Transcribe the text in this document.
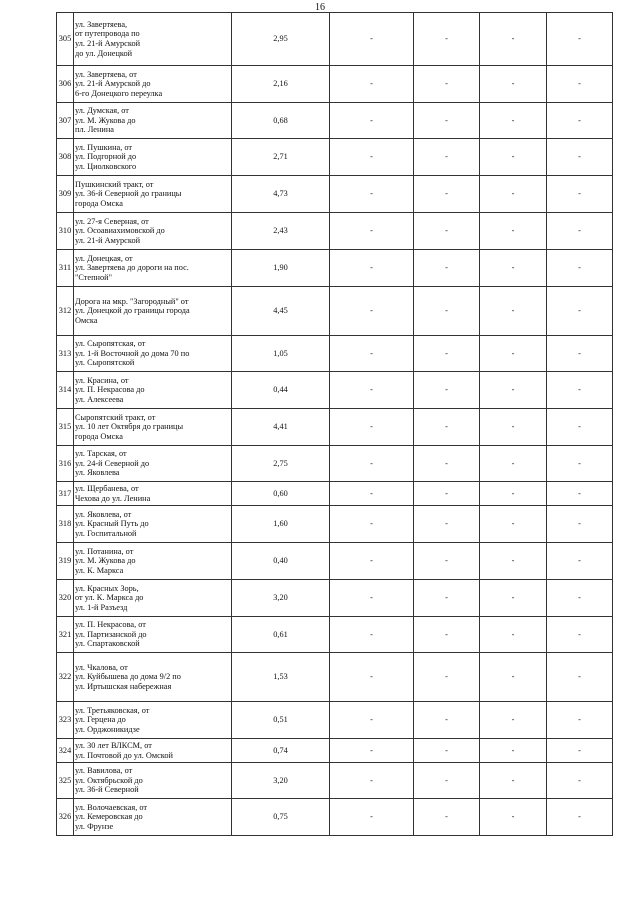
16
305	ул. Завертяева,
от путепровода по
ул. 21-й Амурской
до ул. Донецкой	2,95	-	-	-	-
306	ул. Завертяева, от
ул. 21-й Амурской до
6-го Донецкого переулка	2,16	-	-	-	-
307	ул. Думская, от
ул. М. Жукова до
пл. Ленина	0,68	-	-	-	-
308	ул. Пушкина, от
ул. Подгорной до
ул. Циолковского	2,71	-	-	-	-
309	Пушкинский тракт, от
ул. 36-й Северной до границы
города Омска	4,73	-	-	-	-
310	ул. 27-я Северная, от
ул. Осоавиахимовской до
ул. 21-й Амурской	2,43	-	-	-	-
311	ул. Донецкая, от
ул. Завертяева до дороги на пос.
"Степной"	1,90	-	-	-	-
312	Дорога на мкр. "Загородный" от
ул. Донецкой до границы города
Омска	4,45	-	-	-	-
313	ул. Сыропятская, от
ул. 1-й Восточной до дома 70 по
ул. Сыропятской	1,05	-	-	-	-
314	ул. Красина, от
ул. П. Некрасова до
ул. Алексеева	0,44	-	-	-	-
315	Сыропятский тракт, от
ул. 10 лет Октября до границы
города Омска	4,41	-	-	-	-
316	ул. Тарская, от
ул. 24-й Северной до
ул. Яковлева	2,75	-	-	-	-
317	ул. Щербанева, от
Чехова до ул. Ленина	0,60	-	-	-	-
318	ул. Яковлева, от
ул. Красный Путь до
ул. Госпитальной	1,60	-	-	-	-
319	ул. Потанина, от
ул. М. Жукова до
ул. К. Маркса	0,40	-	-	-	-
320	ул. Красных Зорь,
от ул. К. Маркса до
ул. 1-й Разъезд	3,20	-	-	-	-
321	ул. П. Некрасова, от
ул. Партизанской до
ул. Спартаковской	0,61	-	-	-	-
322	ул. Чкалова, от
ул. Куйбышева до дома 9/2 по
ул. Иртышская набережная	1,53	-	-	-	-
323	ул. Третьяковская, от
ул. Герцена до
ул. Орджоникидзе	0,51	-	-	-	-
324	ул. 30 лет ВЛКСМ, от
ул. Почтовой до ул. Омской	0,74	-	-	-	-
325	ул. Вавилова, от
ул. Октябрьской до
ул. 36-й Северной	3,20	-	-	-	-
326	ул. Волочаевская, от
ул. Кемеровская до
ул. Фрунзе	0,75	-	-	-	-
